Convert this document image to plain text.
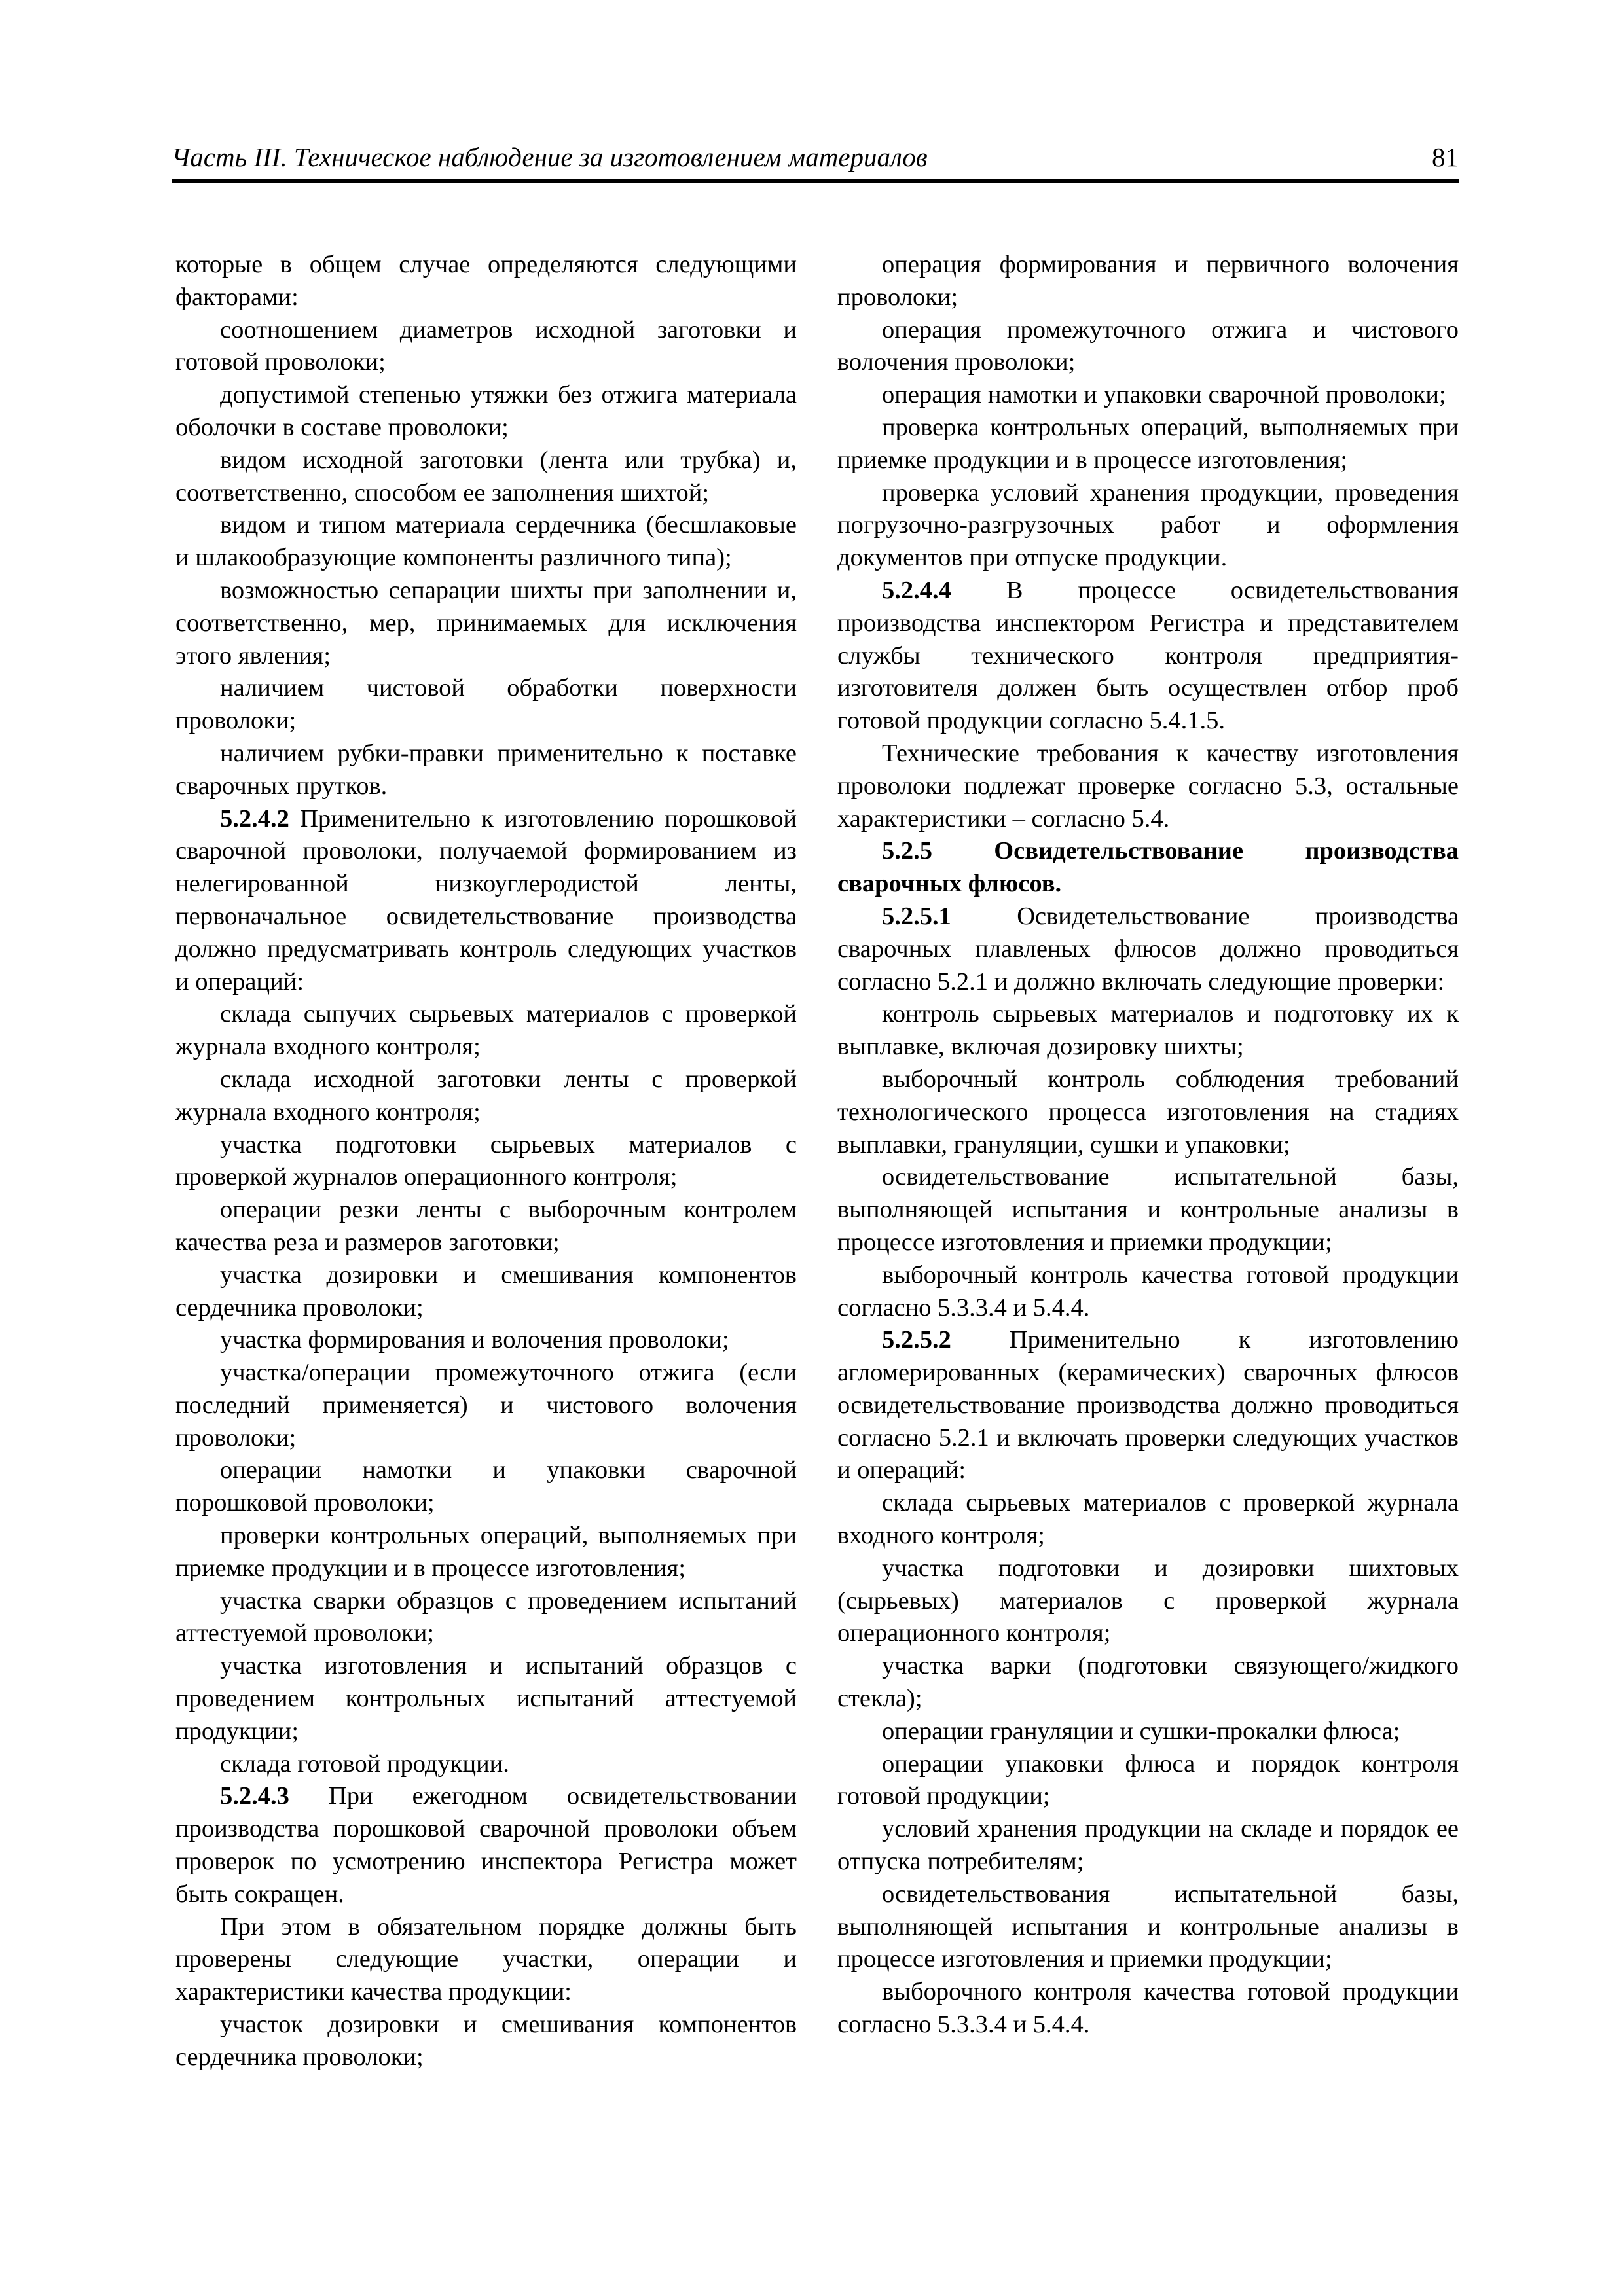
Часть III. Техническое наблюдение за изготовлением материалов	81

которые в общем случае определяются следующими факторами:

соотношением диаметров исходной заготовки и готовой проволоки;

допустимой степенью утяжки без отжига материала оболочки в составе проволоки;

видом исходной заготовки (лента или трубка) и, соответственно, способом ее заполнения шихтой;

видом и типом материала сердечника (бесшлаковые и шлакообразующие компоненты различного типа);

возможностью сепарации шихты при заполнении и, соответственно, мер, принимаемых для исключения этого явления;

наличием чистовой обработки поверхности проволоки;

наличием рубки-правки применительно к поставке сварочных прутков.

5.2.4.2 Применительно к изготовлению порошковой сварочной проволоки, получаемой формированием из нелегированной низкоуглеродистой ленты, первоначальное освидетельствование производства должно предусматривать контроль следующих участков и операций:

склада сыпучих сырьевых материалов с проверкой журнала входного контроля;

склада исходной заготовки ленты с проверкой журнала входного контроля;

участка подготовки сырьевых материалов с проверкой журналов операционного контроля;

операции резки ленты с выборочным контролем качества реза и размеров заготовки;

участка дозировки и смешивания компонентов сердечника проволоки;

участка формирования и волочения проволоки;

участка/операции промежуточного отжига (если последний применяется) и чистового волочения проволоки;

операции намотки и упаковки сварочной порошковой проволоки;

проверки контрольных операций, выполняемых при приемке продукции и в процессе изготовления;

участка сварки образцов с проведением испытаний аттестуемой проволоки;

участка изготовления и испытаний образцов с проведением контрольных испытаний аттестуемой продукции;

склада готовой продукции.

5.2.4.3 При ежегодном освидетельствовании производства порошковой сварочной проволоки объем проверок по усмотрению инспектора Регистра может быть сокращен.

При этом в обязательном порядке должны быть проверены следующие участки, операции и характеристики качества продукции:

участок дозировки и смешивания компонентов сердечника проволоки;

операция формирования и первичного волочения проволоки;

операция промежуточного отжига и чистового волочения проволоки;

операция намотки и упаковки сварочной проволоки;

проверка контрольных операций, выполняемых при приемке продукции и в процессе изготовления;

проверка условий хранения продукции, проведения погрузочно-разгрузочных работ и оформления документов при отпуске продукции.

5.2.4.4 В процессе освидетельствования производства инспектором Регистра и представителем службы технического контроля предприятия-изготовителя должен быть осуществлен отбор проб готовой продукции согласно 5.4.1.5.

Технические требования к качеству изготовления проволоки подлежат проверке согласно 5.3, остальные характеристики – согласно 5.4.

5.2.5 Освидетельствование производства сварочных флюсов.

5.2.5.1 Освидетельствование производства сварочных плавленых флюсов должно проводиться согласно 5.2.1 и должно включать следующие проверки:

контроль сырьевых материалов и подготовку их к выплавке, включая дозировку шихты;

выборочный контроль соблюдения требований технологического процесса изготовления на стадиях выплавки, грануляции, сушки и упаковки;

освидетельствование испытательной базы, выполняющей испытания и контрольные анализы в процессе изготовления и приемки продукции;

выборочный контроль качества готовой продукции согласно 5.3.3.4 и 5.4.4.

5.2.5.2 Применительно к изготовлению агломерированных (керамических) сварочных флюсов освидетельствование производства должно проводиться согласно 5.2.1 и включать проверки следующих участков и операций:

склада сырьевых материалов с проверкой журнала входного контроля;

участка подготовки и дозировки шихтовых (сырьевых) материалов с проверкой журнала операционного контроля;

участка варки (подготовки связующего/жидкого стекла);

операции грануляции и сушки-прокалки флюса;

операции упаковки флюса и порядок контроля готовой продукции;

условий хранения продукции на складе и порядок ее отпуска потребителям;

освидетельствования испытательной базы, выполняющей испытания и контрольные анализы в процессе изготовления и приемки продукции;

выборочного контроля качества готовой продукции согласно 5.3.3.4 и 5.4.4.
